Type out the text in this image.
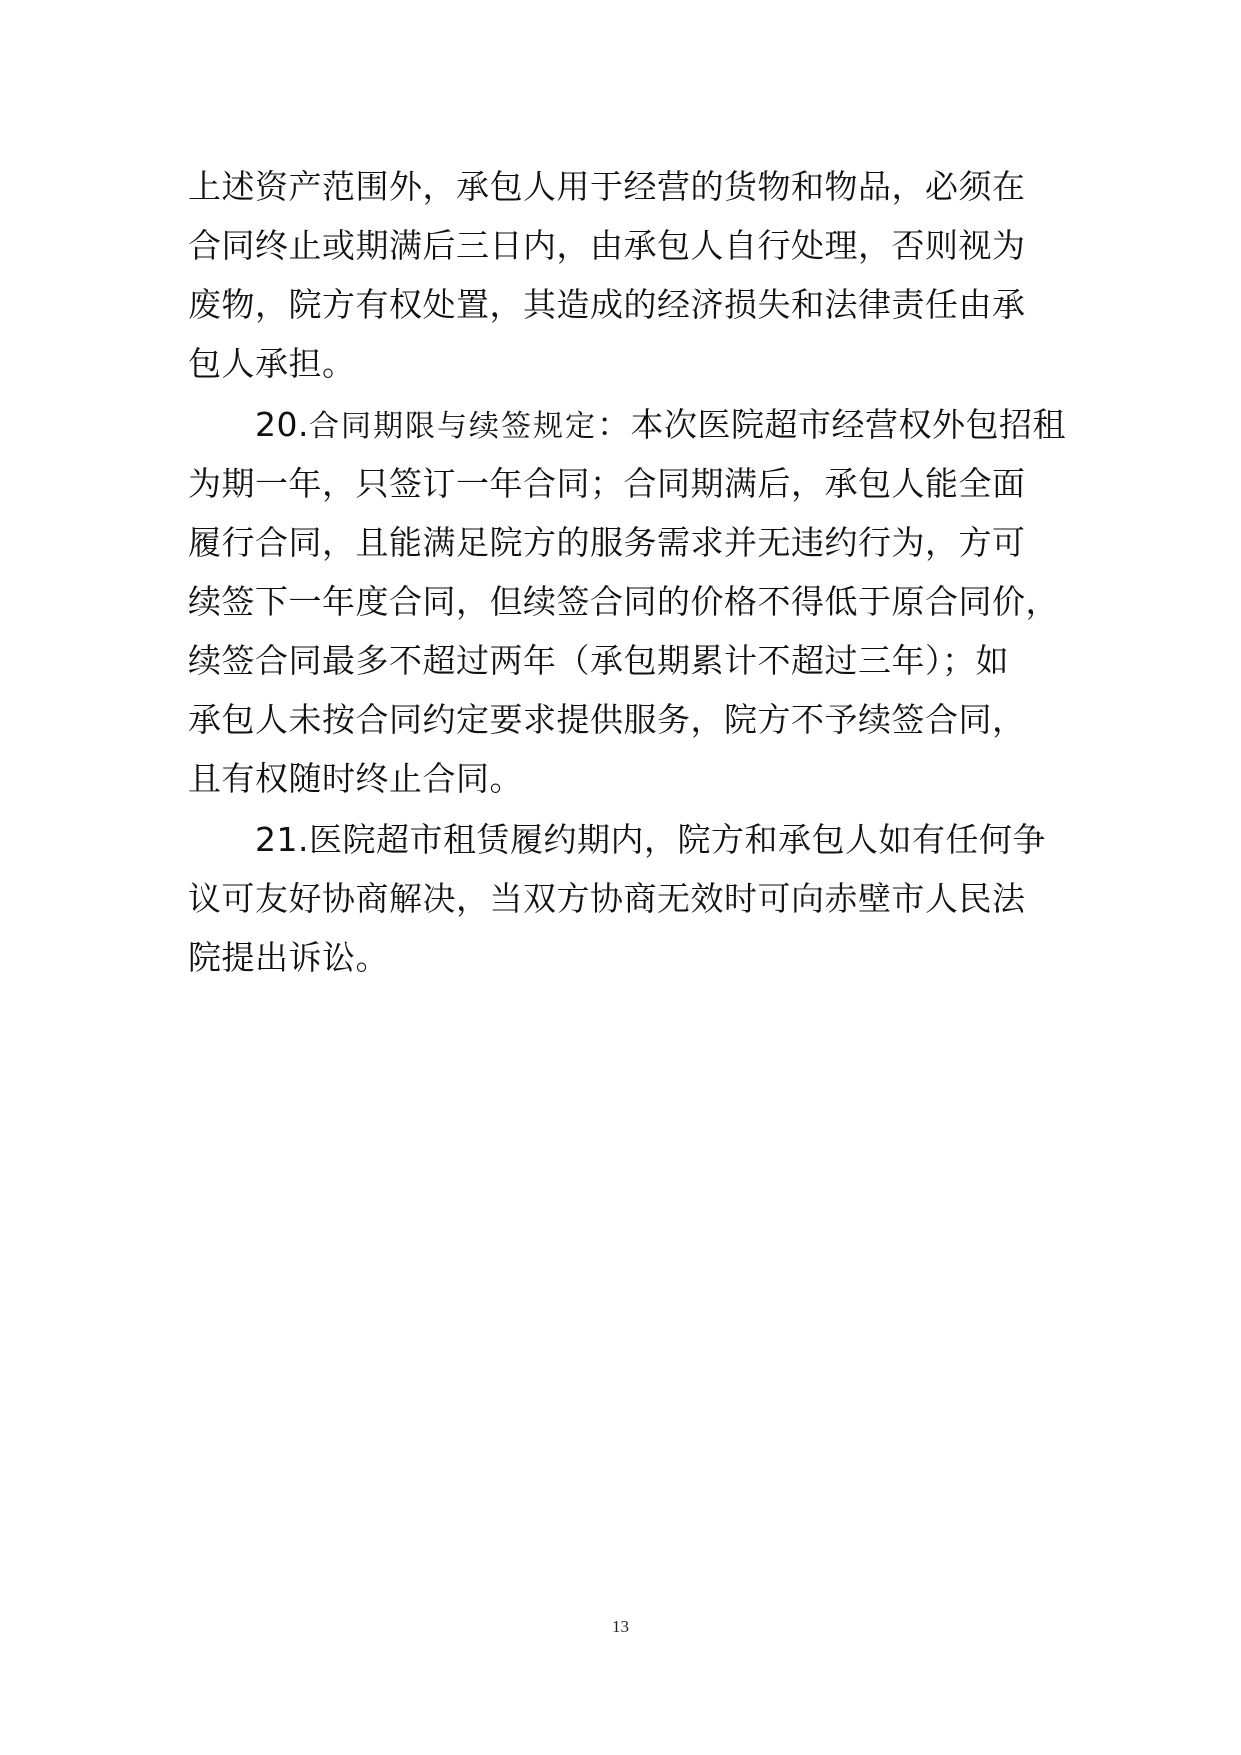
上述资产范围外，承包人用于经营的货物和物品，必须在
合同终止或期满后三日内，由承包人自行处理，否则视为
废物，院方有权处置，其造成的经济损失和法律责任由承
包人承担。
20.合同期限与续签规定：本次医院超市经营权外包招租
为期一年，只签订一年合同；合同期满后，承包人能全面
履行合同，且能满足院方的服务需求并无违约行为，方可
续签下一年度合同，但续签合同的价格不得低于原合同价，
续签合同最多不超过两年（承包期累计不超过三年）；如
承包人未按合同约定要求提供服务，院方不予续签合同，
且有权随时终止合同。
21.医院超市租赁履约期内，院方和承包人如有任何争
议可友好协商解决，当双方协商无效时可向赤壁市人民法
院提出诉讼。
13
